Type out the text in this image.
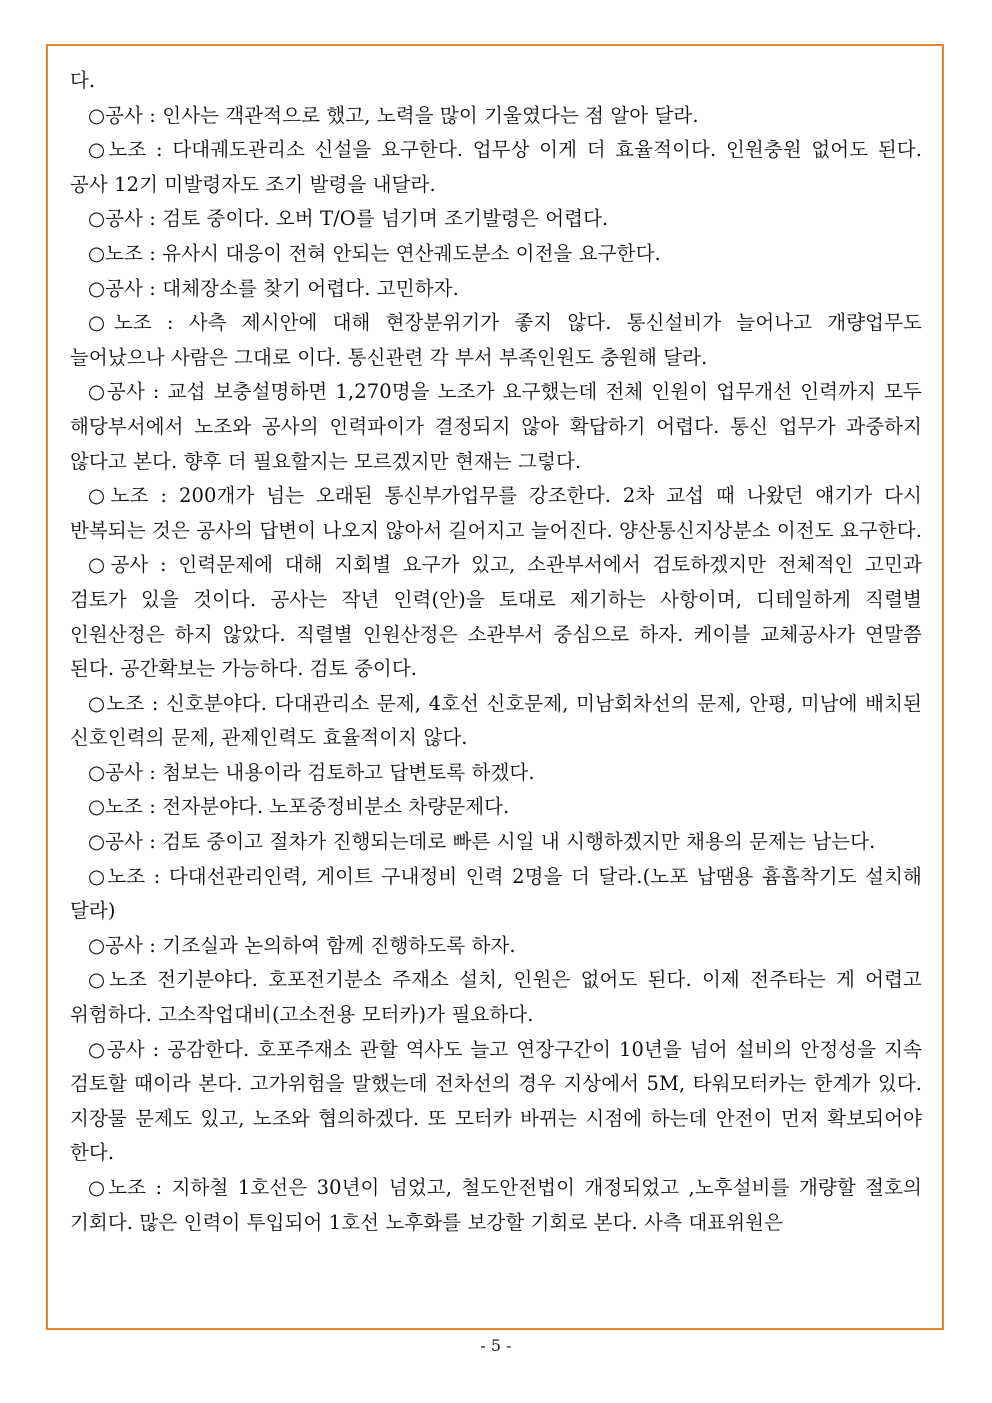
다.

○공사 : 인사는 객관적으로 했고, 노력을 많이 기울였다는 점 알아 달라.

○노조 : 다대궤도관리소 신설을 요구한다. 업무상 이게 더 효율적이다. 인원충원 없어도 된다. 공사 12기 미발령자도 조기 발령을 내달라.

○공사 : 검토 중이다. 오버 T/O를 넘기며 조기발령은 어렵다.

○노조 : 유사시 대응이 전혀 안되는 연산궤도분소 이전을 요구한다.

○공사 : 대체장소를 찾기 어렵다. 고민하자.

○노조 : 사측 제시안에 대해 현장분위기가 좋지 않다. 통신설비가 늘어나고 개량업무도 늘어났으나 사람은 그대로 이다. 통신관련 각 부서 부족인원도 충원해 달라.

○공사 : 교섭 보충설명하면 1,270명을 노조가 요구했는데 전체 인원이 업무개선 인력까지 모두 해당부서에서 노조와 공사의 인력파이가 결정되지 않아 확답하기 어렵다. 통신 업무가 과중하지 않다고 본다. 향후 더 필요할지는 모르겠지만 현재는 그렇다.

○노조 : 200개가 넘는 오래된 통신부가업무를 강조한다. 2차 교섭 때 나왔던 얘기가 다시 반복되는 것은 공사의 답변이 나오지 않아서 길어지고 늘어진다. 양산통신지상분소 이전도 요구한다.

○공사 : 인력문제에 대해 지회별 요구가 있고, 소관부서에서 검토하겠지만 전체적인 고민과 검토가 있을 것이다. 공사는 작년 인력(안)을 토대로 제기하는 사항이며, 디테일하게 직렬별 인원산정은 하지 않았다. 직렬별 인원산정은 소관부서 중심으로 하자. 케이블 교체공사가 연말쯤 된다. 공간확보는 가능하다. 검토 중이다.

○노조 : 신호분야다. 다대관리소 문제, 4호선 신호문제, 미남회차선의 문제, 안평, 미남에 배치된 신호인력의 문제, 관제인력도 효율적이지 않다.

○공사 : 첨보는 내용이라 검토하고 답변토록 하겠다.

○노조 : 전자분야다. 노포중정비분소 차량문제다.

○공사 : 검토 중이고 절차가 진행되는데로 빠른 시일 내 시행하겠지만 채용의 문제는 남는다.

○노조 : 다대선관리인력, 게이트 구내정비 인력 2명을 더 달라.(노포 납땜용 흄흡착기도 설치해 달라)

○공사 : 기조실과 논의하여 함께 진행하도록 하자.

○노조 전기분야다. 호포전기분소 주재소 설치, 인원은 없어도 된다. 이제 전주타는 게 어렵고 위험하다. 고소작업대비(고소전용 모터카)가 필요하다.

○공사 : 공감한다. 호포주재소 관할 역사도 늘고 연장구간이 10년을 넘어 설비의 안정성을 지속 검토할 때이라 본다. 고가위험을 말했는데 전차선의 경우 지상에서 5M, 타워모터카는 한계가 있다. 지장물 문제도 있고, 노조와 협의하겠다. 또 모터카 바뀌는 시점에 하는데 안전이 먼저 확보되어야 한다.

○노조 : 지하철 1호선은 30년이 넘었고, 철도안전법이 개정되었고 ,노후설비를 개량할 절호의 기회다. 많은 인력이 투입되어 1호선 노후화를 보강할 기회로 본다. 사측 대표위원은

- 5 -
